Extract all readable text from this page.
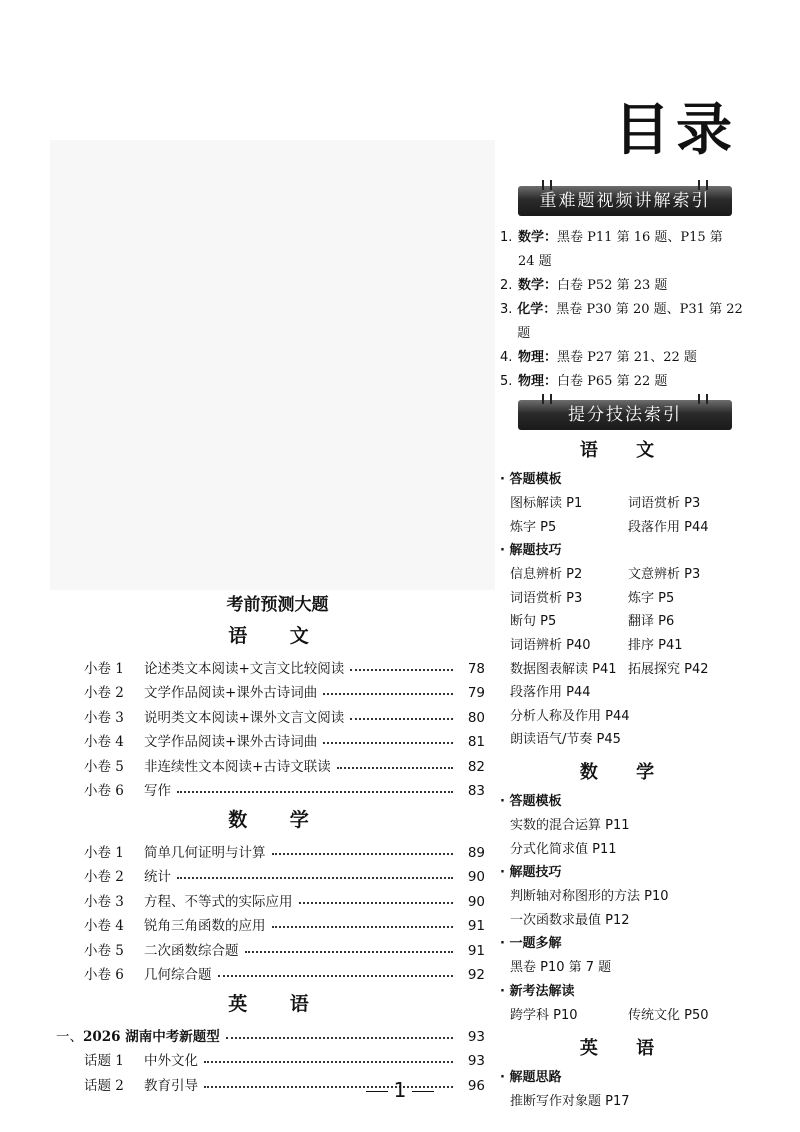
目录
考前预测大题
语 文
小卷 1	论述类文本阅读+文言文比较阅读	78
小卷 2	文学作品阅读+课外古诗词曲	79
小卷 3	说明类文本阅读+课外文言文阅读	80
小卷 4	文学作品阅读+课外古诗词曲	81
小卷 5	非连续性文本阅读+古诗文联读	82
小卷 6	写作	83
数 学
小卷 1	简单几何证明与计算	89
小卷 2	统计	90
小卷 3	方程、不等式的实际应用	90
小卷 4	锐角三角函数的应用	91
小卷 5	二次函数综合题	91
小卷 6	几何综合题	92
英 语
一、 2026 湖南中考新题型	93
话题 1	中外文化	93
话题 2	教育引导	96
1
重难题视频讲解索引
1. 数学：黑卷 P11 第 16 题、P15 第
24 题
2. 数学：白卷 P52 第 23 题
3. 化学：黑卷 P30 第 20 题、P31 第 22 题
4. 物理：黑卷 P27 第 21、22 题
5. 物理：白卷 P65 第 22 题
提分技法索引
语 文
· 答题模板
图标解读 P1	词语赏析 P3
炼字 P5	段落作用 P44
· 解题技巧
信息辨析 P2	文意辨析 P3
词语赏析 P3	炼字 P5
断句 P5	翻译 P6
词语辨析 P40	排序 P41
数据图表解读 P41 拓展探究 P42
段落作用 P44
分析人称及作用 P44
朗读语气/节奏 P45
数 学
· 答题模板
实数的混合运算 P11
分式化简求值 P11
· 解题技巧
判断轴对称图形的方法 P10
一次函数求最值 P12
· 一题多解
黑卷 P10 第 7 题
· 新考法解读
跨学科 P10	传统文化 P50
英 语
· 解题思路
推断写作对象题 P17
